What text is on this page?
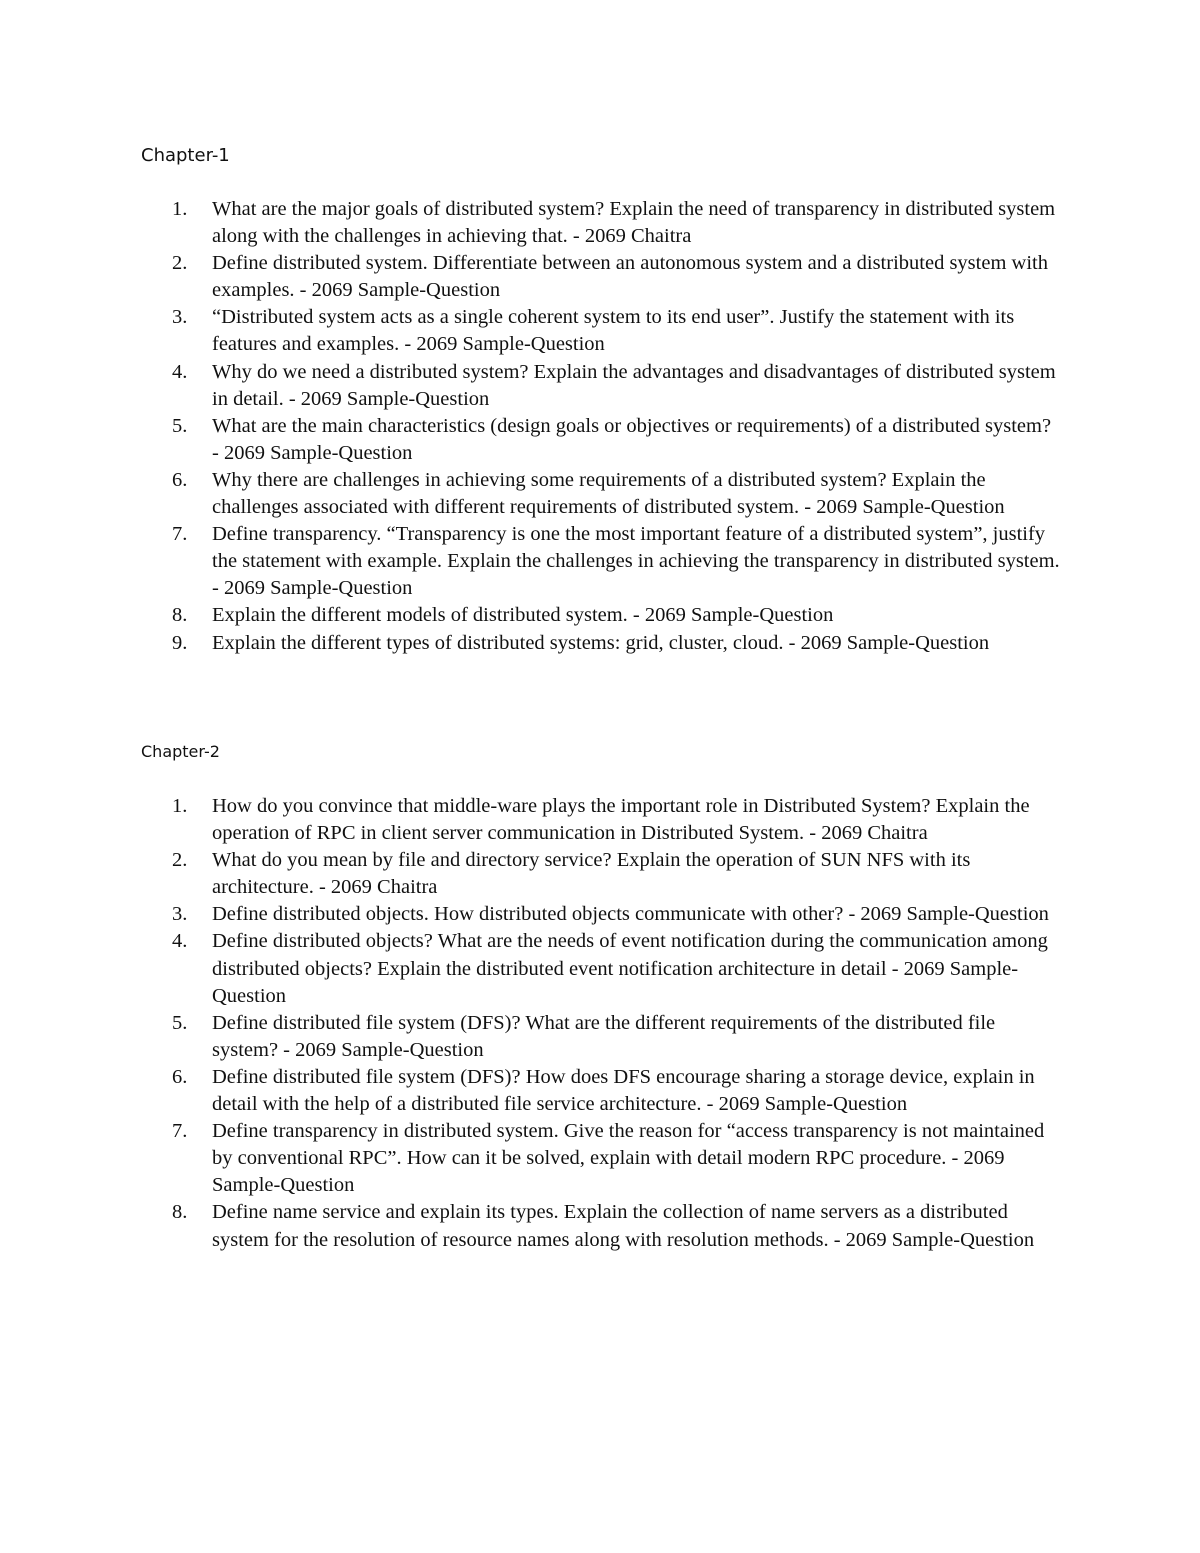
Chapter-1
1.	What are the major goals of distributed system? Explain the need of transparency in distributed system along with the challenges in achieving that. - 2069 Chaitra
2.	Define distributed system. Differentiate between an autonomous system and a distributed system with examples. - 2069 Sample-Question
3.	“Distributed system acts as a single coherent system to its end user”. Justify the statement with its features and examples. - 2069 Sample-Question
4.	Why do we need a distributed system? Explain the advantages and disadvantages of distributed system in detail. - 2069 Sample-Question
5.	What are the main characteristics (design goals or objectives or requirements) of a distributed system? - 2069 Sample-Question
6.	Why there are challenges in achieving some requirements of a distributed system? Explain the challenges associated with different requirements of distributed system. - 2069 Sample-Question
7.	Define transparency. “Transparency is one the most important feature of a distributed system”, justify the statement with example. Explain the challenges in achieving the transparency in distributed system. - 2069 Sample-Question
8.	Explain the different models of distributed system. - 2069 Sample-Question
9.	Explain the different types of distributed systems: grid, cluster, cloud. - 2069 Sample-Question
Chapter-2
1.	How do you convince that middle-ware plays the important role in Distributed System? Explain the operation of RPC in client server communication in Distributed System. - 2069 Chaitra
2.	What do you mean by file and directory service? Explain the operation of SUN NFS with its architecture. - 2069 Chaitra
3.	Define distributed objects. How distributed objects communicate with other? - 2069 Sample-Question
4.	Define distributed objects? What are the needs of event notification during the communication among distributed objects? Explain the distributed event notification architecture in detail - 2069 Sample-Question
5.	Define distributed file system (DFS)? What are the different requirements of the distributed file system? - 2069 Sample-Question
6.	Define distributed file system (DFS)? How does DFS encourage sharing a storage device, explain in detail with the help of a distributed file service architecture. - 2069 Sample-Question
7.	Define transparency in distributed system. Give the reason for “access transparency is not maintained by conventional RPC”. How can it be solved, explain with detail modern RPC procedure. - 2069 Sample-Question
8.	Define name service and explain its types. Explain the collection of name servers as a distributed system for the resolution of resource names along with resolution methods. - 2069 Sample-Question
